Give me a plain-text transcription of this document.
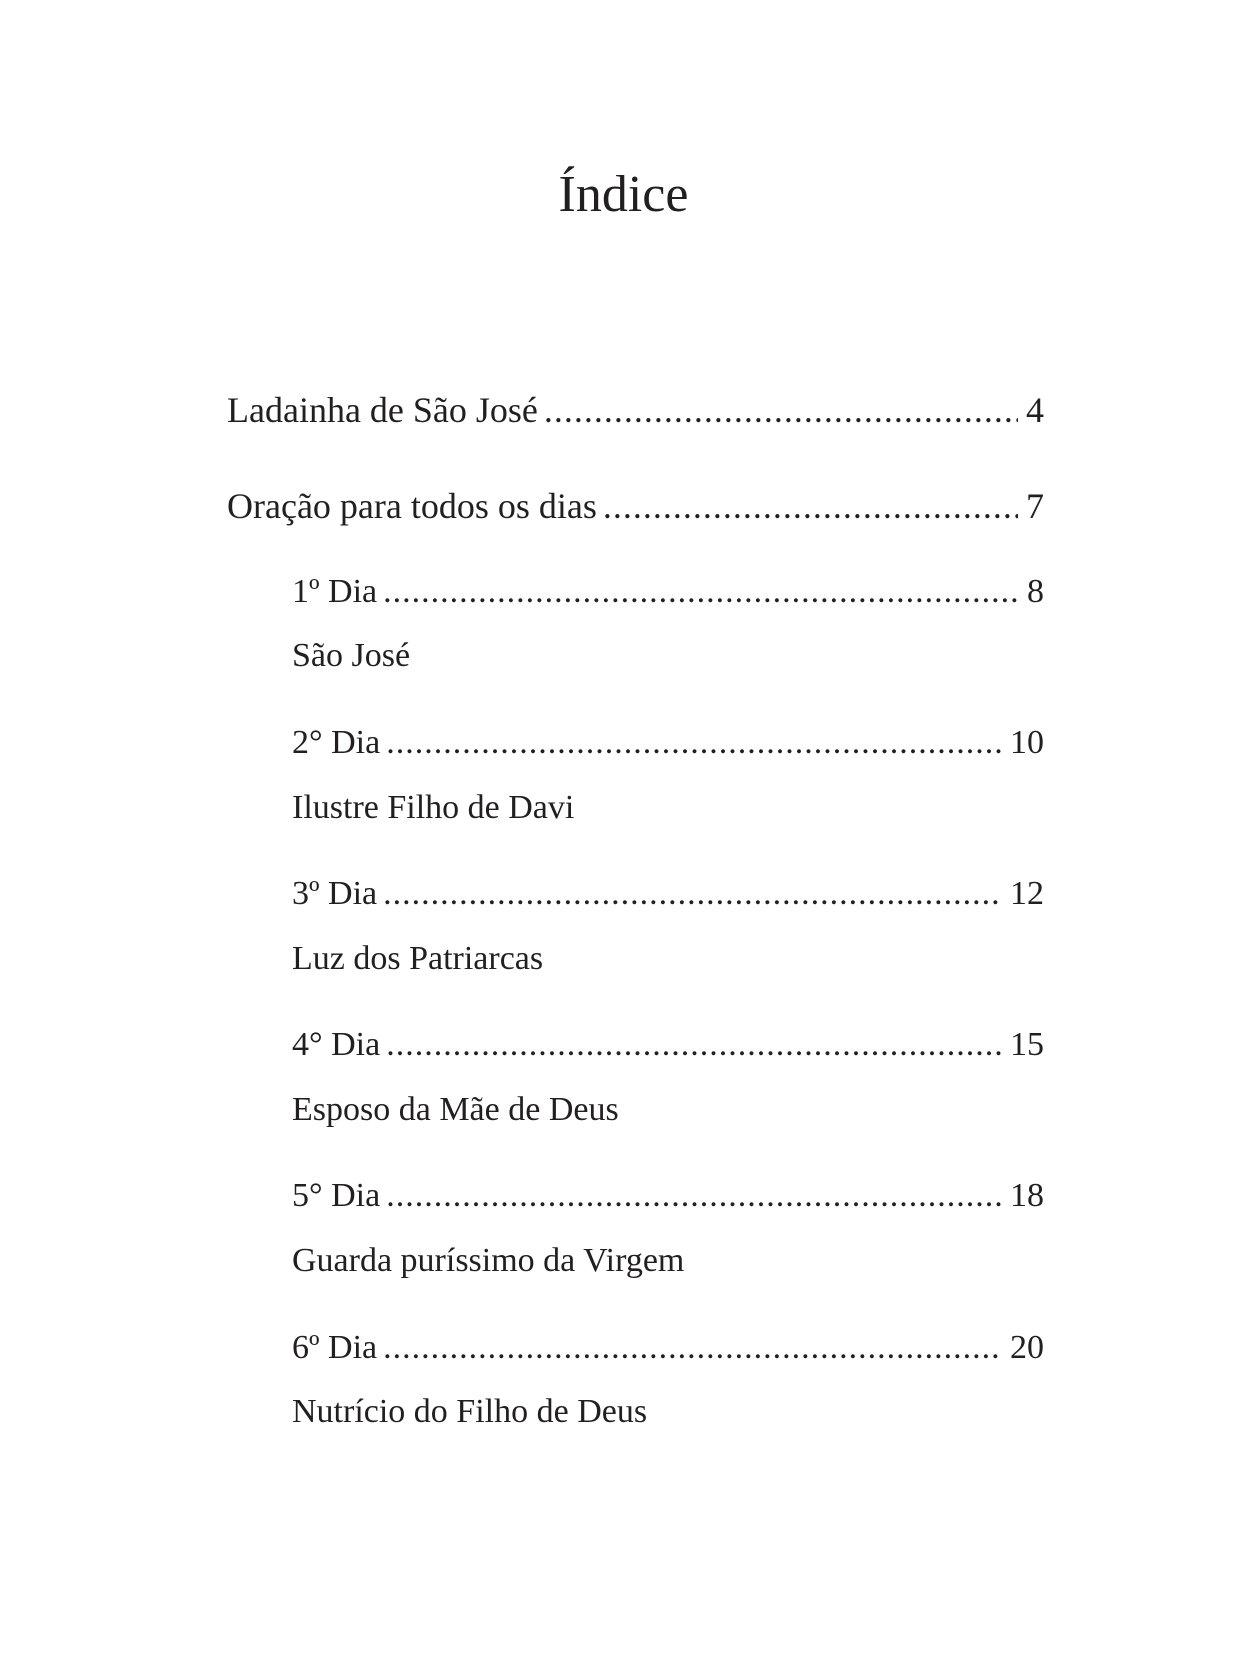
Índice
Ladainha de São José .....	4
Oração para todos os dias .....	7
1º Dia .....	8
São José
2° Dia .....	10
Ilustre Filho de Davi
3º Dia .....	12
Luz dos Patriarcas
4° Dia .....	15
Esposo da Mãe de Deus
5° Dia .....	18
Guarda puríssimo da Virgem
6º Dia .....	20
Nutrício do Filho de Deus
